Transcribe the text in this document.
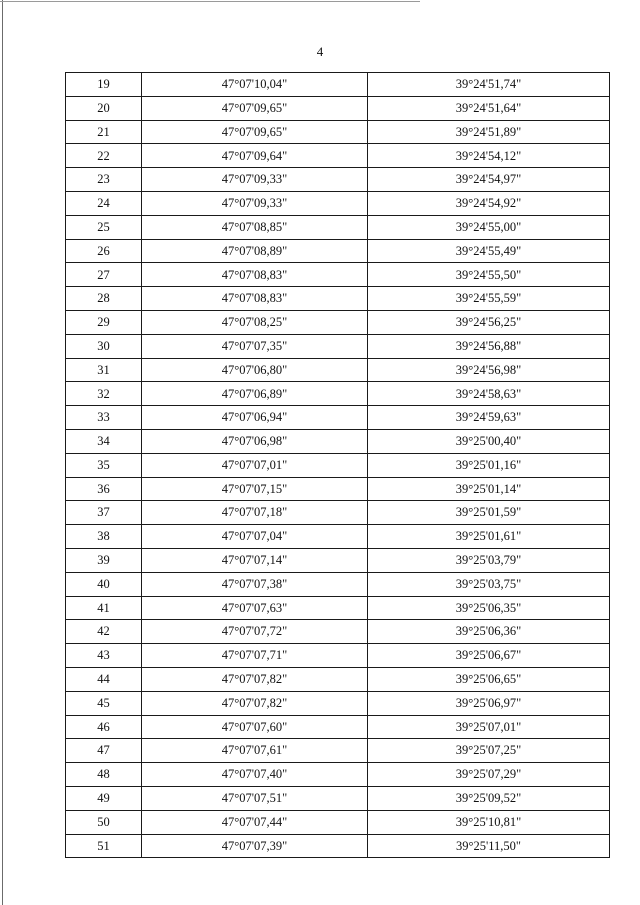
4
19	47°07'10,04"	39°24'51,74"
20	47°07'09,65"	39°24'51,64"
21	47°07'09,65"	39°24'51,89"
22	47°07'09,64"	39°24'54,12"
23	47°07'09,33"	39°24'54,97"
24	47°07'09,33"	39°24'54,92"
25	47°07'08,85"	39°24'55,00"
26	47°07'08,89"	39°24'55,49"
27	47°07'08,83"	39°24'55,50"
28	47°07'08,83"	39°24'55,59"
29	47°07'08,25"	39°24'56,25"
30	47°07'07,35"	39°24'56,88"
31	47°07'06,80"	39°24'56,98"
32	47°07'06,89"	39°24'58,63"
33	47°07'06,94"	39°24'59,63"
34	47°07'06,98"	39°25'00,40"
35	47°07'07,01"	39°25'01,16"
36	47°07'07,15"	39°25'01,14"
37	47°07'07,18"	39°25'01,59"
38	47°07'07,04"	39°25'01,61"
39	47°07'07,14"	39°25'03,79"
40	47°07'07,38"	39°25'03,75"
41	47°07'07,63"	39°25'06,35"
42	47°07'07,72"	39°25'06,36"
43	47°07'07,71"	39°25'06,67"
44	47°07'07,82"	39°25'06,65"
45	47°07'07,82"	39°25'06,97"
46	47°07'07,60"	39°25'07,01"
47	47°07'07,61"	39°25'07,25"
48	47°07'07,40"	39°25'07,29"
49	47°07'07,51"	39°25'09,52"
50	47°07'07,44"	39°25'10,81"
51	47°07'07,39"	39°25'11,50"
